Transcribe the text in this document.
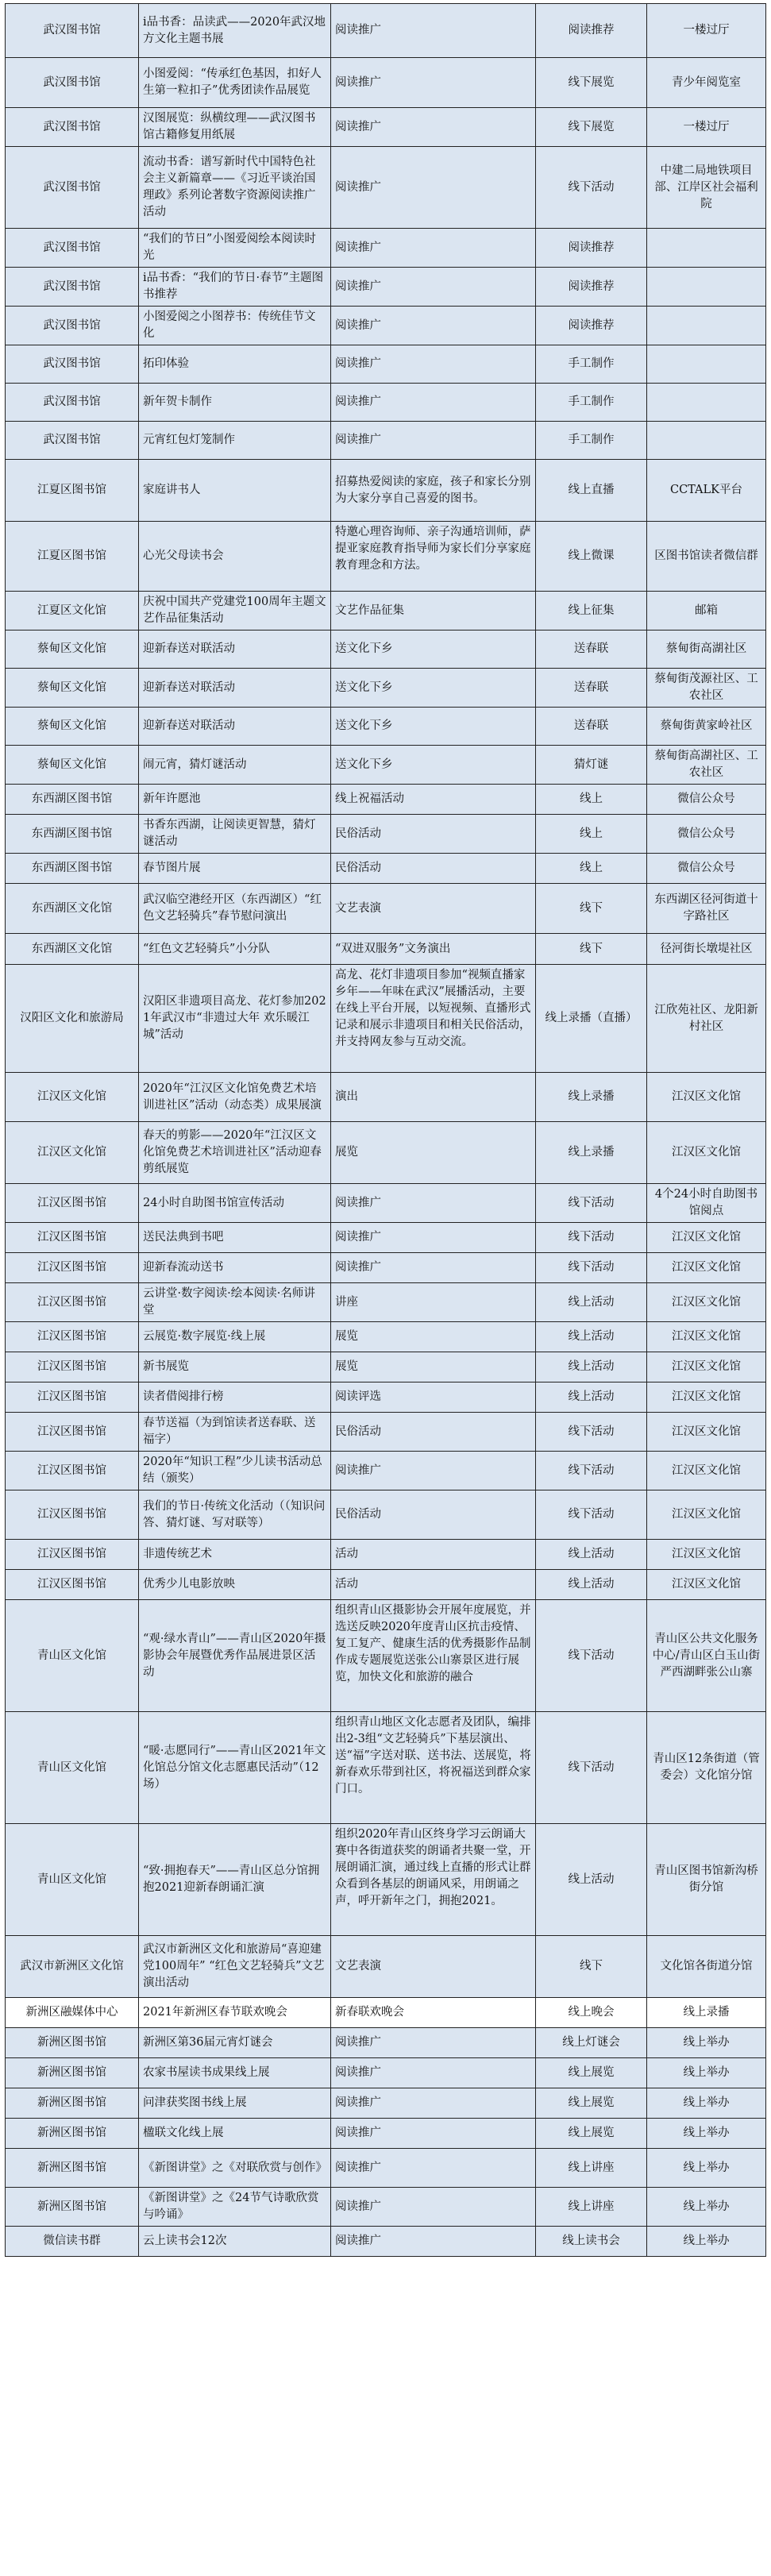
武汉图书馆	i品书香：品读武——2020年武汉地方文化主题书展	阅读推广	阅读推荐	一楼过厅
武汉图书馆	小图爱阅：“传承红色基因，扣好人生第一粒扣子”优秀团读作品展览	阅读推广	线下展览	青少年阅览室
武汉图书馆	汉图展览：纵横纹理——武汉图书馆古籍修复用纸展	阅读推广	线下展览	一楼过厅
武汉图书馆	流动书香：谱写新时代中国特色社会主义新篇章——《习近平谈治国理政》系列论著数字资源阅读推广活动	阅读推广	线下活动	中建二局地铁项目部、江岸区社会福利院
武汉图书馆	“我们的节日”小图爱阅绘本阅读时光	阅读推广	阅读推荐	
武汉图书馆	i品书香：“我们的节日·春节”主题图书推荐	阅读推广	阅读推荐	
武汉图书馆	小图爱阅之小图荐书：传统佳节文化	阅读推广	阅读推荐	
武汉图书馆	拓印体验	阅读推广	手工制作	
武汉图书馆	新年贺卡制作	阅读推广	手工制作	
武汉图书馆	元宵红包灯笼制作	阅读推广	手工制作	
江夏区图书馆	家庭讲书人	招募热爱阅读的家庭，孩子和家长分别为大家分享自己喜爱的图书。	线上直播	CCTALK平台
江夏区图书馆	心光父母读书会	特邀心理咨询师、亲子沟通培训师，萨提亚家庭教育指导师为家长们分享家庭教育理念和方法。	线上微课	区图书馆读者微信群
江夏区文化馆	庆祝中国共产党建党100周年主题文艺作品征集活动	文艺作品征集	线上征集	邮箱
蔡甸区文化馆	迎新春送对联活动	送文化下乡	送春联	蔡甸街高湖社区
蔡甸区文化馆	迎新春送对联活动	送文化下乡	送春联	蔡甸街茂源社区、工农社区
蔡甸区文化馆	迎新春送对联活动	送文化下乡	送春联	蔡甸街黄家岭社区
蔡甸区文化馆	闹元宵，猜灯谜活动	送文化下乡	猜灯谜	蔡甸街高湖社区、工农社区
东西湖区图书馆	新年许愿池	线上祝福活动	线上	微信公众号
东西湖区图书馆	书香东西湖，让阅读更智慧，猜灯谜活动	民俗活动	线上	微信公众号
东西湖区图书馆	春节图片展	民俗活动	线上	微信公众号
东西湖区文化馆	武汉临空港经开区（东西湖区）“红色文艺轻骑兵”春节慰问演出	文艺表演	线下	东西湖区径河街道十字路社区
东西湖区文化馆	“红色文艺轻骑兵”小分队	“双进双服务”文务演出	线下	径河街长墩堤社区
汉阳区文化和旅游局	汉阳区非遗项目高龙、花灯参加2021年武汉市“非遗过大年 欢乐暖江城”活动	高龙、花灯非遗项目参加“视频直播家乡年——年味在武汉”展播活动，主要在线上平台开展，以短视频、直播形式记录和展示非遗项目和相关民俗活动，并支持网友参与互动交流。	线上录播（直播）	江欣苑社区、龙阳新村社区
江汉区文化馆	2020年“江汉区文化馆免费艺术培训进社区”活动（动态类）成果展演	演出	线上录播	江汉区文化馆
江汉区文化馆	春天的剪影——2020年“江汉区文化馆免费艺术培训进社区”活动迎春剪纸展览	展览	线上录播	江汉区文化馆
江汉区图书馆	24小时自助图书馆宣传活动	阅读推广	线下活动	4个24小时自助图书馆阅点
江汉区图书馆	送民法典到书吧	阅读推广	线下活动	江汉区文化馆
江汉区图书馆	迎新春流动送书	阅读推广	线下活动	江汉区文化馆
江汉区图书馆	云讲堂·数字阅读·绘本阅读·名师讲堂	讲座	线上活动	江汉区文化馆
江汉区图书馆	云展览·数字展览·线上展	展览	线上活动	江汉区文化馆
江汉区图书馆	新书展览	展览	线上活动	江汉区文化馆
江汉区图书馆	读者借阅排行榜	阅读评选	线上活动	江汉区文化馆
江汉区图书馆	春节送福（为到馆读者送春联、送福字）	民俗活动	线下活动	江汉区文化馆
江汉区图书馆	2020年“知识工程”少儿读书活动总结（颁奖）	阅读推广	线下活动	江汉区文化馆
江汉区图书馆	我们的节日·传统文化活动（（知识问答、猜灯谜、写对联等）	民俗活动	线下活动	江汉区文化馆
江汉区图书馆	非遗传统艺术	活动	线上活动	江汉区文化馆
江汉区图书馆	优秀少儿电影放映	活动	线上活动	江汉区文化馆
青山区文化馆	“观·绿水青山”——青山区2020年摄影协会年展暨优秀作品展进景区活动	组织青山区摄影协会开展年度展览，并选送反映2020年度青山区抗击疫情、复工复产、健康生活的优秀摄影作品制作成专题展览送张公山寨景区进行展览，加快文化和旅游的融合	线下活动	青山区公共文化服务中心/青山区白玉山街严西湖畔张公山寨
青山区文化馆	“暖·志愿同行”——青山区2021年文化馆总分馆文化志愿惠民活动”（12场）	组织青山地区文化志愿者及团队，编排出2-3组“文艺轻骑兵”下基层演出、送“福”字送对联、送书法、送展览，将新春欢乐带到社区，将祝福送到群众家门口。	线下活动	青山区12条街道（管委会）文化馆分馆
青山区文化馆	“致·拥抱春天”——青山区总分馆拥抱2021迎新春朗诵汇演	组织2020年青山区终身学习云朗诵大赛中各街道获奖的朗诵者共聚一堂，开展朗诵汇演，通过线上直播的形式让群众看到各基层的朗诵风采，用朗诵之声，呼开新年之门，拥抱2021。	线上活动	青山区图书馆新沟桥街分馆
武汉市新洲区文化馆	武汉市新洲区文化和旅游局“喜迎建党100周年” “红色文艺轻骑兵”文艺演出活动	文艺表演	线下	文化馆各街道分馆
新洲区融媒体中心	2021年新洲区春节联欢晚会	新春联欢晚会	线上晚会	线上录播
新洲区图书馆	新洲区第36届元宵灯谜会	阅读推广	线上灯谜会	线上举办
新洲区图书馆	农家书屋读书成果线上展	阅读推广	线上展览	线上举办
新洲区图书馆	问津获奖图书线上展	阅读推广	线上展览	线上举办
新洲区图书馆	楹联文化线上展	阅读推广	线上展览	线上举办
新洲区图书馆	《新图讲堂》之《对联欣赏与创作》	阅读推广	线上讲座	线上举办
新洲区图书馆	《新图讲堂》之《24节气诗歌欣赏与吟诵》	阅读推广	线上讲座	线上举办
微信读书群	云上读书会12次	阅读推广	线上读书会	线上举办
